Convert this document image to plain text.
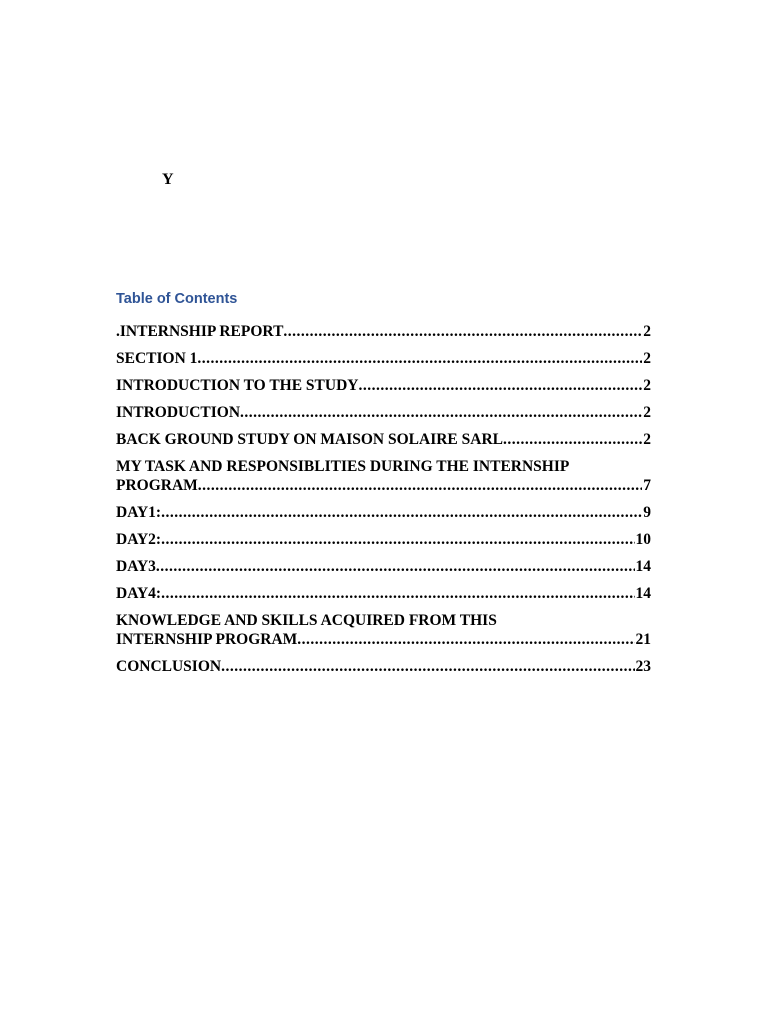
Y
Table of Contents
.INTERNSHIP REPORT .....	2
SECTION 1 .....	2
INTRODUCTION TO THE STUDY .....	2
INTRODUCTION .....	2
BACK GROUND STUDY ON MAISON SOLAIRE SARL .....	2
MY TASK AND RESPONSIBLITIES DURING THE INTERNSHIP
PROGRAM .....	7
DAY1: .....	9
DAY2: .....	10
DAY3 .....	14
DAY4: .....	14
KNOWLEDGE AND SKILLS ACQUIRED FROM THIS
INTERNSHIP PROGRAM .....	21
CONCLUSION .....	23
